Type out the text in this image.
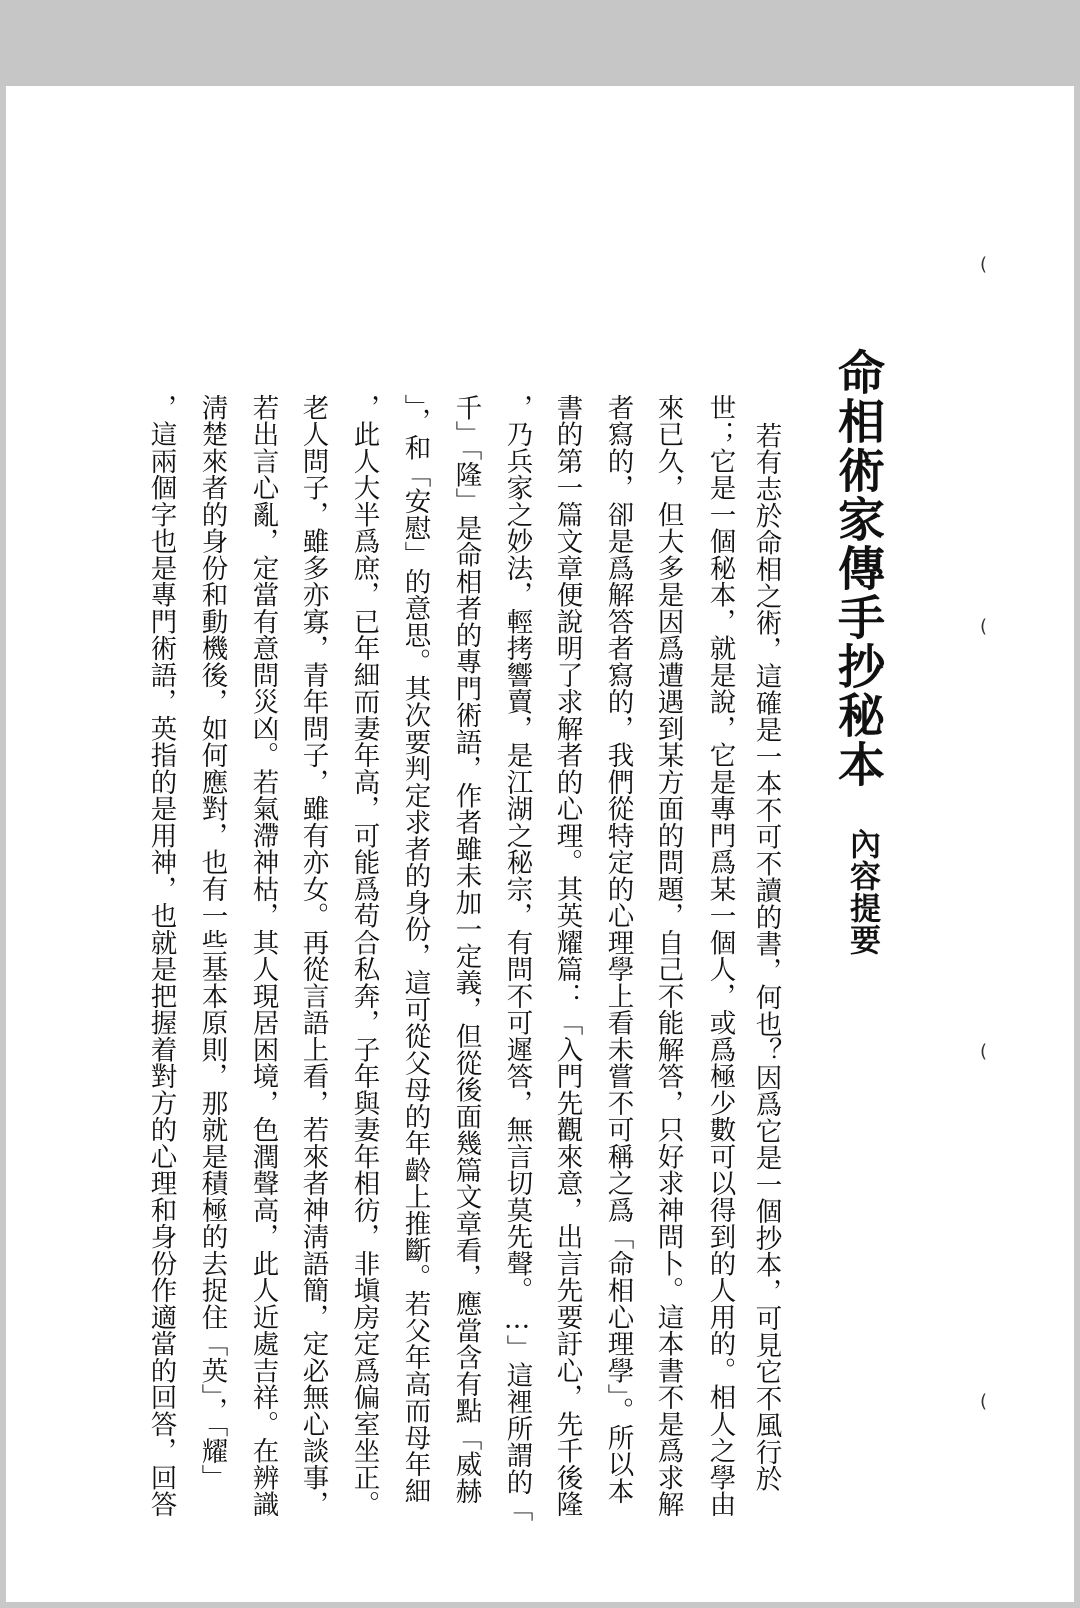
命相術家傳手抄秘本
內容提要
若有志於命相之術，這確是一本不可不讀的書，何也？因爲它是一個抄本，可見它不風行於
世；它是一個秘本，就是說，它是專門爲某一個人，或爲極少數可以得到的人用的。相人之學由
來已久，但大多是因爲遭遇到某方面的問題，自己不能解答，只好求神問卜。這本書不是爲求解
者寫的，卻是爲解答者寫的，我們從特定的心理學上看未嘗不可稱之爲「命相心理學」。所以本
書的第一篇文章便說明了求解者的心理。其英耀篇：「入門先觀來意，出言先要訏心，先千後隆
，乃兵家之妙法，輕拷響賣，是江湖之秘宗，有問不可遲答，無言切莫先聲。…」這裡所謂的「
千」「隆」是命相者的專門術語，作者雖未加一定義，但從後面幾篇文章看，應當含有點「威赫
」，和「安慰」的意思。其次要判定求者的身份，這可從父母的年齡上推斷。若父年高而母年細
，此人大半爲庶，已年細而妻年高，可能爲苟合私奔，子年與妻年相彷，非塡房定爲偏室坐正。
老人問子，雖多亦寡，青年問子，雖有亦女。再從言語上看，若來者神淸語簡，定必無心談事，
若出言心亂，定當有意問災凶。若氣滯神枯，其人現居困境，色潤聲高，此人近處吉祥。在辨識
淸楚來者的身份和動機後，如何應對，也有一些基本原則，那就是積極的去捉住「英」，「耀」
，這兩個字也是專門術語，英指的是用神，也就是把握着對方的心理和身份作適當的回答，回答
(
(
(
(
